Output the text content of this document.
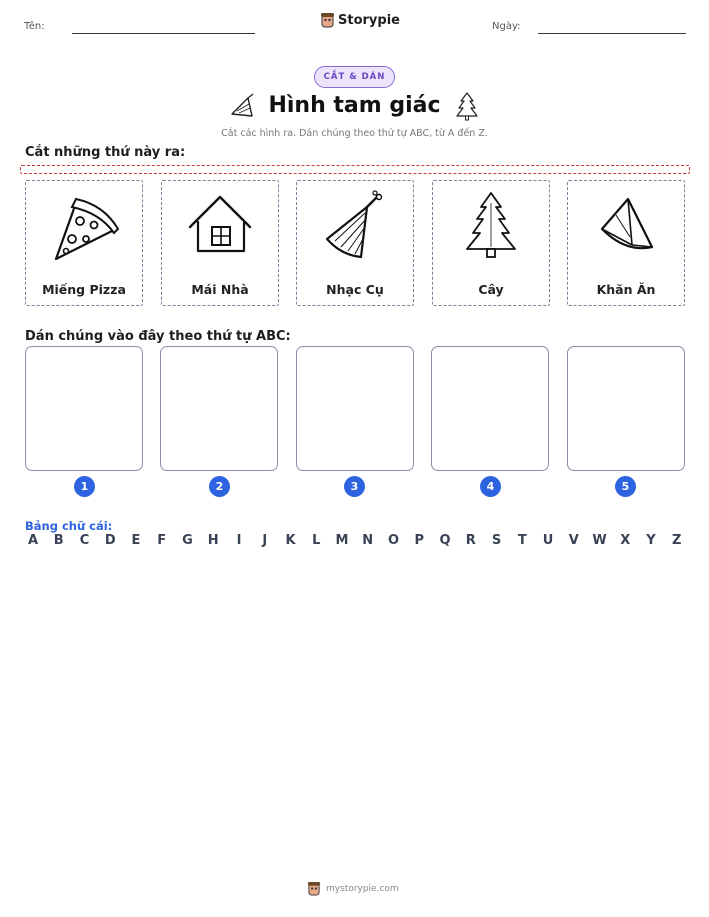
Tên:	Storypie	Ngày:
CẮT & DÁN
Hình tam giác
Cắt các hình ra. Dán chúng theo thứ tự ABC, từ A đến Z.
Cắt những thứ này ra:
Miếng Pizza	Mái Nhà	Nhạc Cụ	Cây	Khăn Ăn
Dán chúng vào đây theo thứ tự ABC:
1	2	3	4	5
Bảng chữ cái:
A B C D E F G H	I	J	K L M N O P Q R S T U V W X Y Z
mystorypie.com
